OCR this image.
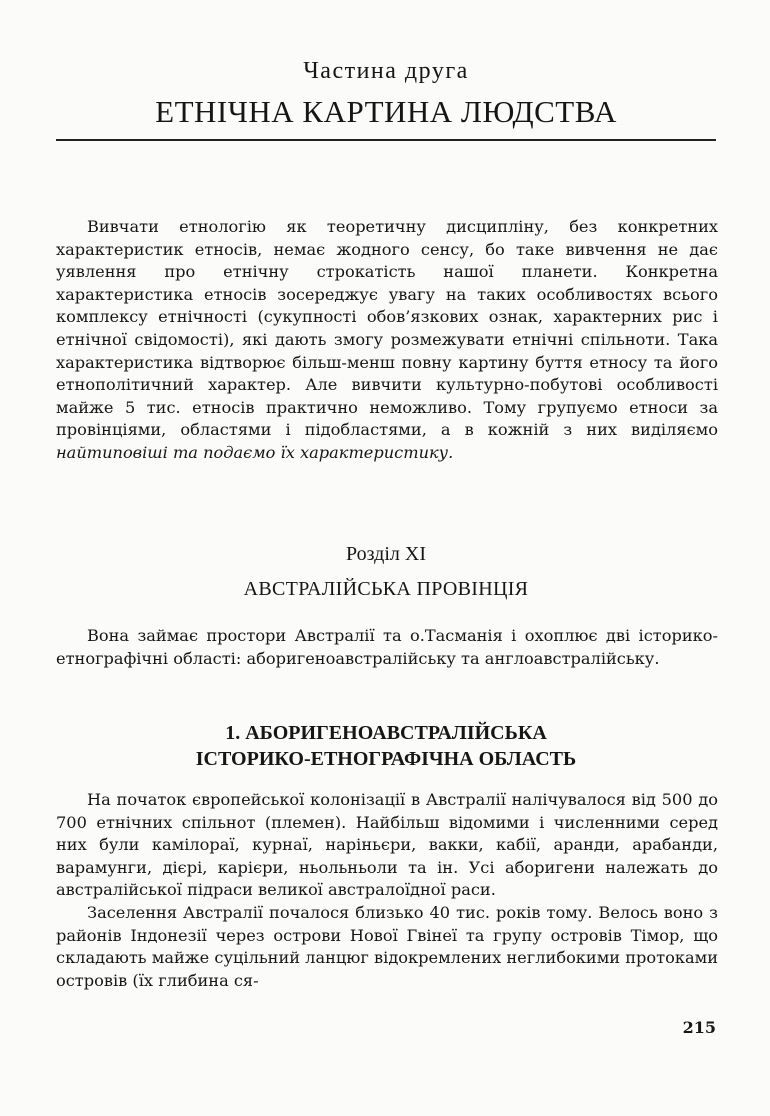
Частина друга
ЕТНІЧНА КАРТИНА ЛЮДСТВА

Вивчати етнологію як теоретичну дисципліну, без конкретних характеристик етносів, немає жодного сенсу, бо таке вивчення не дає уявлення про етнічну строкатість нашої планети. Конкретна характеристика етносів зосереджує увагу на таких особливостях всього комплексу етнічності (сукупності обов’язкових ознак, характерних рис і етнічної свідомості), які дають змогу розмежувати етнічні спільноти. Така характеристика відтворює більш-менш повну картину буття етносу та його етнополітичний характер. Але вивчити культурно-побутові особливості майже 5 тис. етносів практично неможливо. Тому групуємо етноси за провінціями, областями і підобластями, а в кожній з них виділяємо найтиповіші та подаємо їх характеристику.

Розділ XI
АВСТРАЛІЙСЬКА ПРОВІНЦІЯ

Вона займає простори Австралії та о.Тасманія і охоплює дві історико-етнографічні області: аборигеноавстралійську та англоавстралійську.

1. АБОРИГЕНОАВСТРАЛІЙСЬКА
ІСТОРИКО-ЕТНОГРАФІЧНА ОБЛАСТЬ

На початок європейської колонізації в Австралії налічувалося від 500 до 700 етнічних спільнот (племен). Найбільш відомими і численними серед них були камілораї, курнаї, наріньєри, вакки, кабії, аранди, арабанди, варамунги, дієрі, карієри, ньольньоли та ін. Усі аборигени належать до австралійської підраси великої австралоїдної раси.

Заселення Австралії почалося близько 40 тис. років тому. Велось воно з районів Індонезії через острови Нової Гвінеї та групу островів Тімор, що складають майже суцільний ланцюг відокремлених неглибокими протоками островів (їх глибина ся-

215
